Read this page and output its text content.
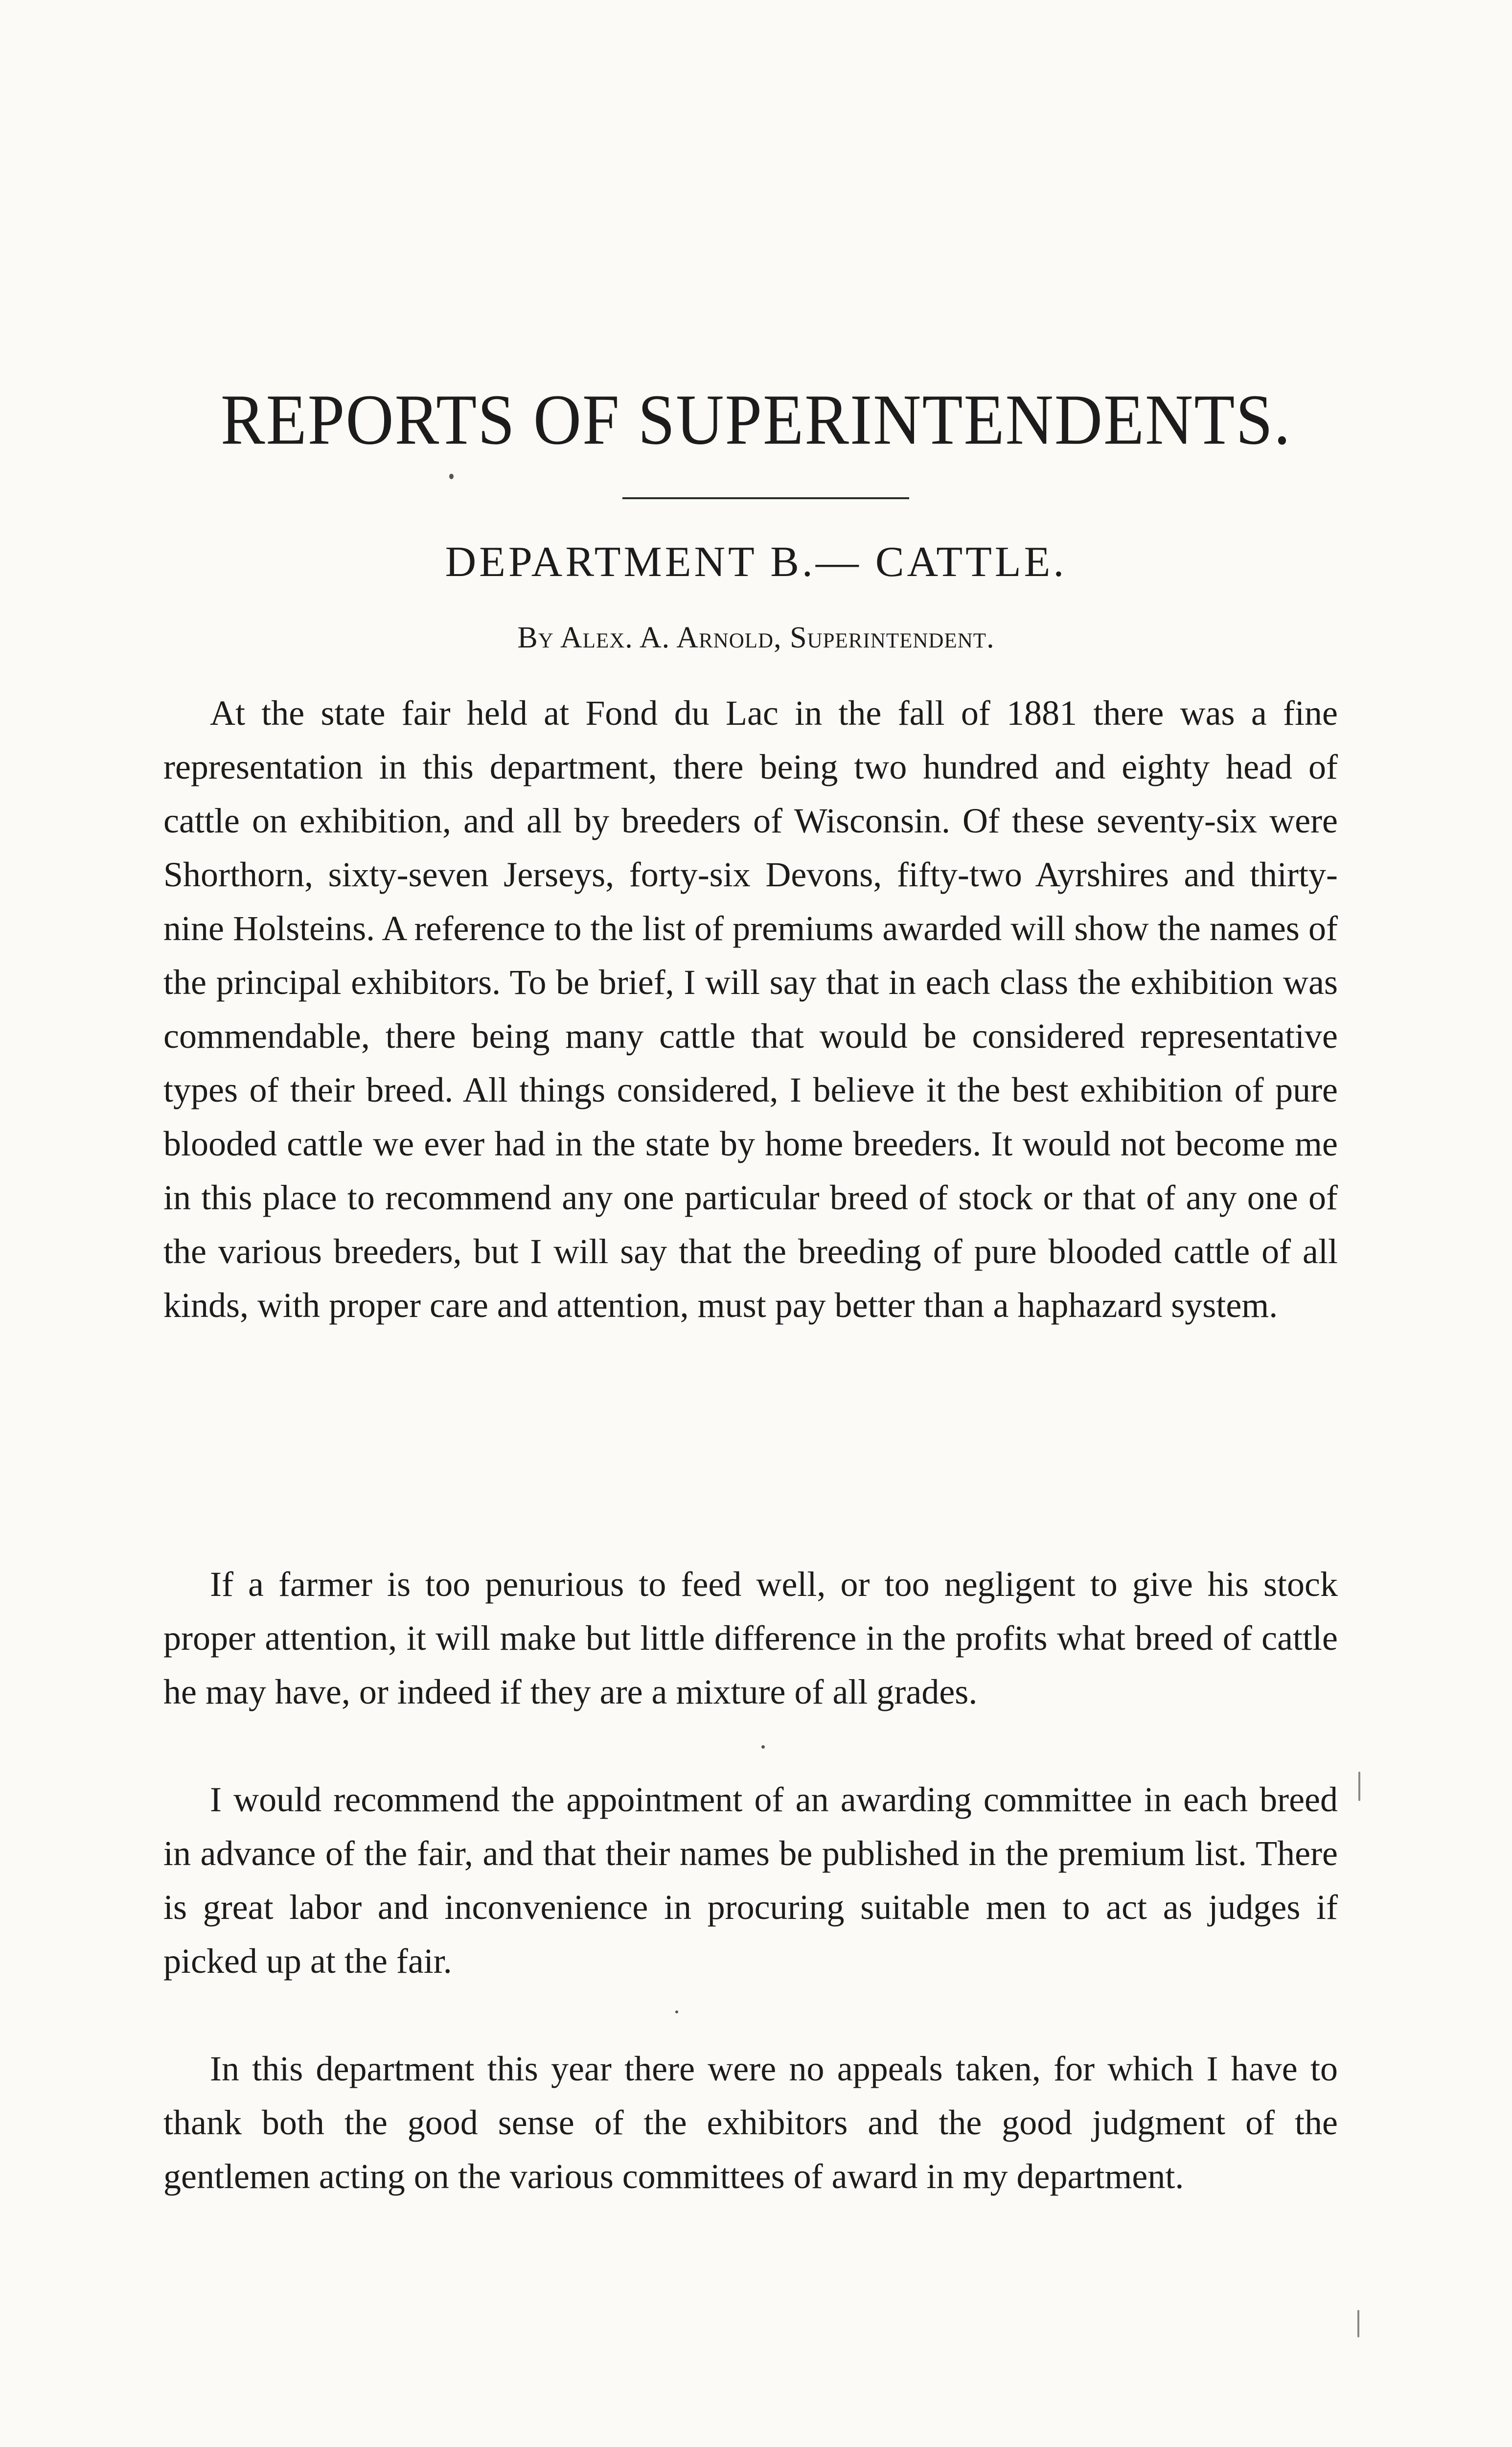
REPORTS OF SUPERINTENDENTS.
DEPARTMENT B.— CATTLE.
By Alex. A. Arnold, Superintendent.

At the state fair held at Fond du Lac in the fall of 1881 there was a fine representation in this department, there being two hundred and eighty head of cattle on exhibition, and all by breeders of Wisconsin. Of these seventy-six were Shorthorn, sixty-seven Jerseys, forty-six Devons, fifty-two Ayrshires and thirty-nine Holsteins. A reference to the list of premiums awarded will show the names of the principal exhibitors. To be brief, I will say that in each class the exhibition was commendable, there being many cattle that would be considered representative types of their breed. All things considered, I believe it the best exhibition of pure blooded cattle we ever had in the state by home breeders. It would not become me in this place to recommend any one particular breed of stock or that of any one of the various breeders, but I will say that the breeding of pure blooded cattle of all kinds, with proper care and attention, must pay better than a haphazard system.

If a farmer is too penurious to feed well, or too negligent to give his stock proper attention, it will make but little difference in the profits what breed of cattle he may have, or indeed if they are a mixture of all grades.

I would recommend the appointment of an awarding committee in each breed in advance of the fair, and that their names be published in the premium list. There is great labor and inconvenience in procuring suitable men to act as judges if picked up at the fair.

In this department this year there were no appeals taken, for which I have to thank both the good sense of the exhibitors and the good judgment of the gentlemen acting on the various committees of award in my department.
